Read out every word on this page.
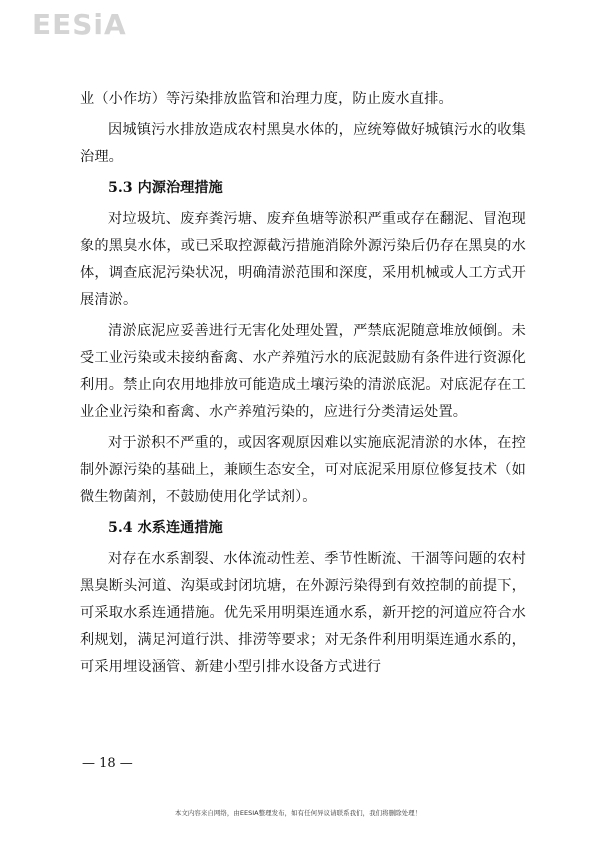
EESiA

业（小作坊）等污染排放监管和治理力度，防止废水直排。

因城镇污水排放造成农村黑臭水体的，应统筹做好城镇污水的收集治理。

5.3 内源治理措施

对垃圾坑、废弃粪污塘、废弃鱼塘等淤积严重或存在翻泥、冒泡现象的黑臭水体，或已采取控源截污措施消除外源污染后仍存在黑臭的水体，调查底泥污染状况，明确清淤范围和深度，采用机械或人工方式开展清淤。

清淤底泥应妥善进行无害化处理处置，严禁底泥随意堆放倾倒。未受工业污染或未接纳畜禽、水产养殖污水的底泥鼓励有条件进行资源化利用。禁止向农用地排放可能造成土壤污染的清淤底泥。对底泥存在工业企业污染和畜禽、水产养殖污染的，应进行分类清运处置。

对于淤积不严重的，或因客观原因难以实施底泥清淤的水体，在控制外源污染的基础上，兼顾生态安全，可对底泥采用原位修复技术（如微生物菌剂，不鼓励使用化学试剂）。

5.4 水系连通措施

对存在水系割裂、水体流动性差、季节性断流、干涸等问题的农村黑臭断头河道、沟渠或封闭坑塘，在外源污染得到有效控制的前提下，可采取水系连通措施。优先采用明渠连通水系，新开挖的河道应符合水利规划，满足河道行洪、排涝等要求；对无条件利用明渠连通水系的，可采用埋设涵管、新建小型引排水设备方式进行

— 18 —
本文内容来自网络，由EESIA整理发布，如有任何异议请联系我们，我们将删除处理！
